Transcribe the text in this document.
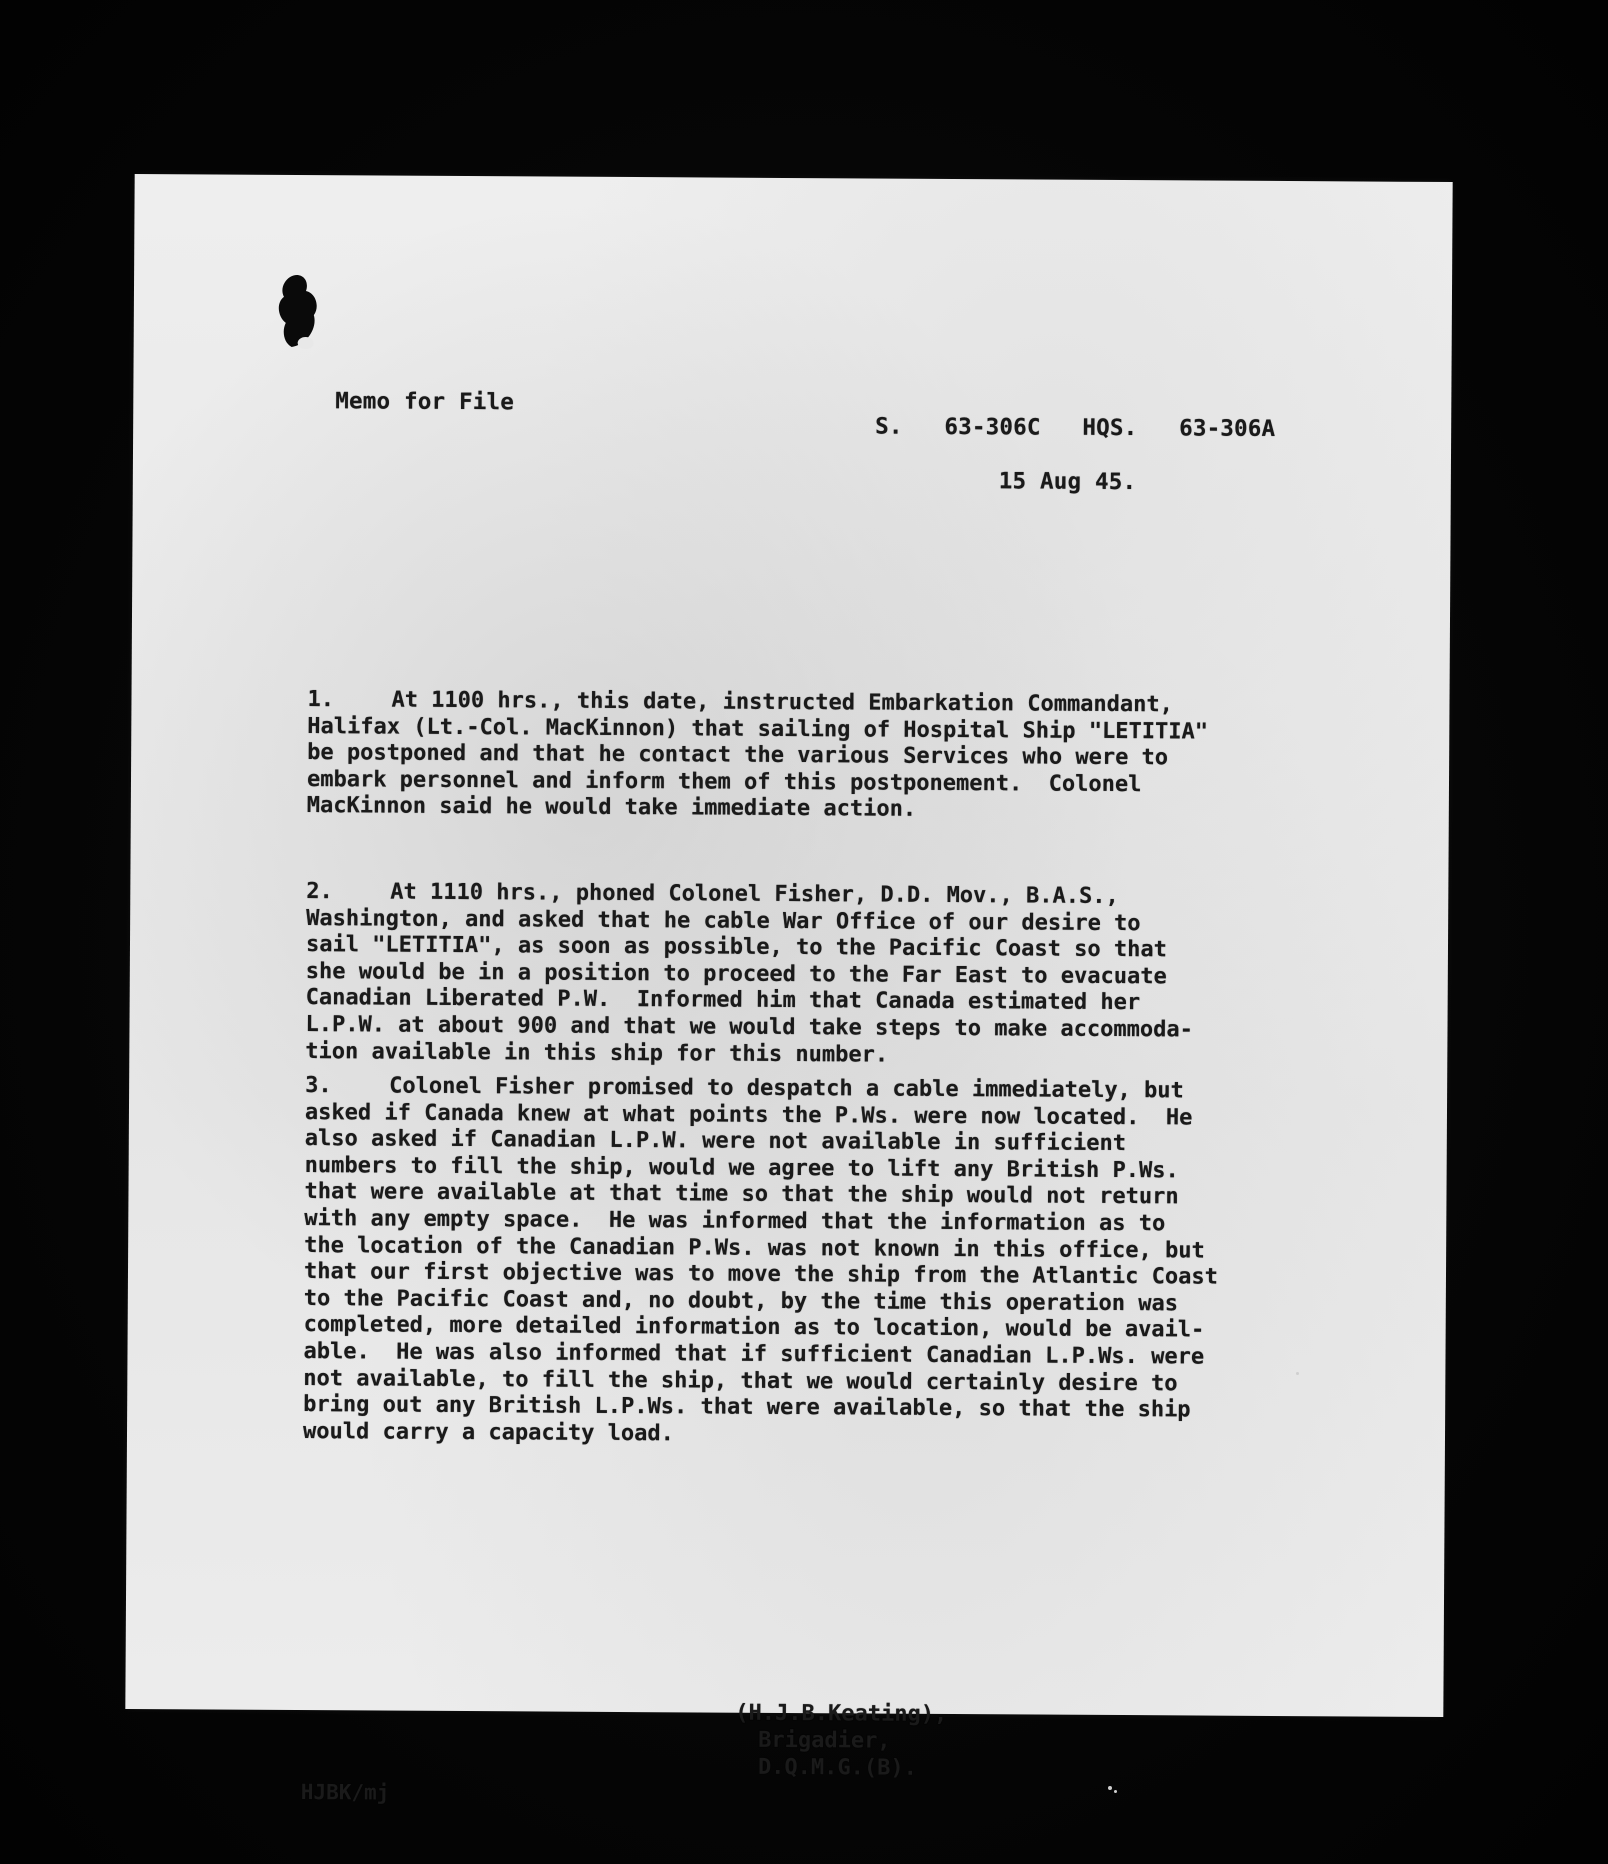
Memo for File
S. 63-306C HQS. 63-306A
15 Aug 45.
1.	At 1100 hrs., this date, instructed Embarkation Commandant,
Halifax (Lt.-Col. MacKinnon) that sailing of Hospital Ship "LETITIA"
be postponed and that he contact the various Services who were to
embark personnel and inform them of this postponement.  Colonel
MacKinnon said he would take immediate action.
2.	At 1110 hrs., phoned Colonel Fisher, D.D. Mov., B.A.S.,
Washington, and asked that he cable War Office of our desire to
sail "LETITIA", as soon as possible, to the Pacific Coast so that
she would be in a position to proceed to the Far East to evacuate
Canadian Liberated P.W.  Informed him that Canada estimated her
L.P.W. at about 900 and that we would take steps to make accommoda-
tion available in this ship for this number.
3.	Colonel Fisher promised to despatch a cable immediately, but
asked if Canada knew at what points the P.Ws. were now located.  He
also asked if Canadian L.P.W. were not available in sufficient
numbers to fill the ship, would we agree to lift any British P.Ws.
that were available at that time so that the ship would not return
with any empty space.  He was informed that the information as to
the location of the Canadian P.Ws. was not known in this office, but
that our first objective was to move the ship from the Atlantic Coast
to the Pacific Coast and, no doubt, by the time this operation was
completed, more detailed information as to location, would be avail-
able.  He was also informed that if sufficient Canadian L.P.Ws. were
not available, to fill the ship, that we would certainly desire to
bring out any British L.P.Ws. that were available, so that the ship
would carry a capacity load.
(H.J.B.Keating),
Brigadier,
D.Q.M.G.(B).
HJBK/mj
